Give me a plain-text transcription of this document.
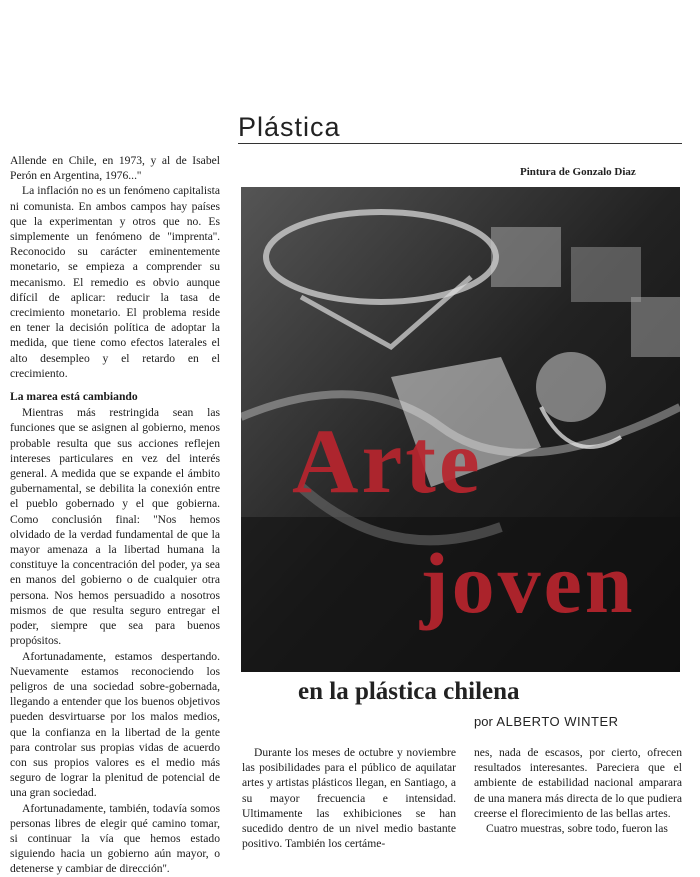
Plástica

Allende en Chile, en 1973, y al de Isabel Perón en Argentina, 1976...''

La inflación no es un fenómeno capitalista ni comunista. En ambos campos hay países que la experimentan y otros que no. Es simplemente un fenómeno de ''imprenta''. Reconocido su carácter eminentemente monetario, se empieza a comprender su mecanismo. El remedio es obvio aunque difícil de aplicar: reducir la tasa de crecimiento monetario. El problema reside en tener la decisión política de adoptar la medida, que tiene como efectos laterales el alto desempleo y el retardo en el crecimiento.

La marea está cambiando

Mientras más restringida sean las funciones que se asignen al gobierno, menos probable resulta que sus acciones reflejen intereses particulares en vez del interés general. A medida que se expande el ámbito gubernamental, se debilita la conexión entre el pueblo gobernado y el que gobierna. Como conclusión final: ''Nos hemos olvidado de la verdad fundamental de que la mayor amenaza a la libertad humana la constituye la concentración del poder, ya sea en manos del gobierno o de cualquier otra persona. Nos hemos persuadido a nosotros mismos de que resulta seguro entregar el poder, siempre que sea para buenos propósitos.

Afortunadamente, estamos despertando. Nuevamente estamos reconociendo los peligros de una sociedad sobre-gobernada, llegando a entender que los buenos objetivos pueden desvirtuarse por los malos medios, que la confianza en la libertad de la gente para controlar sus propias vidas de acuerdo con sus propios valores es el medio más seguro de lograr la plenitud de potencial de una gran sociedad.

Afortunadamente, también, todavía somos personas libres de elegir qué camino tomar, si continuar la vía que hemos estado siguiendo hacia un gobierno aún mayor, o detenerse y cambiar de dirección''.

Pintura de Gonzalo Diaz
Arte
joven
en la plástica chilena
por ALBERTO WINTER

Durante los meses de octubre y noviembre las posibilidades para el público de aquilatar artes y artistas plásticos llegan, en Santiago, a su mayor frecuencia e intensidad. Ultimamente las exhibiciones se han sucedido dentro de un nivel medio bastante positivo. También los certáme-

nes, nada de escasos, por cierto, ofrecen resultados interesantes. Pareciera que el ambiente de estabilidad nacional amparara de una manera más directa de lo que pudiera creerse el florecimiento de las bellas artes.

Cuatro muestras, sobre todo, fueron las
